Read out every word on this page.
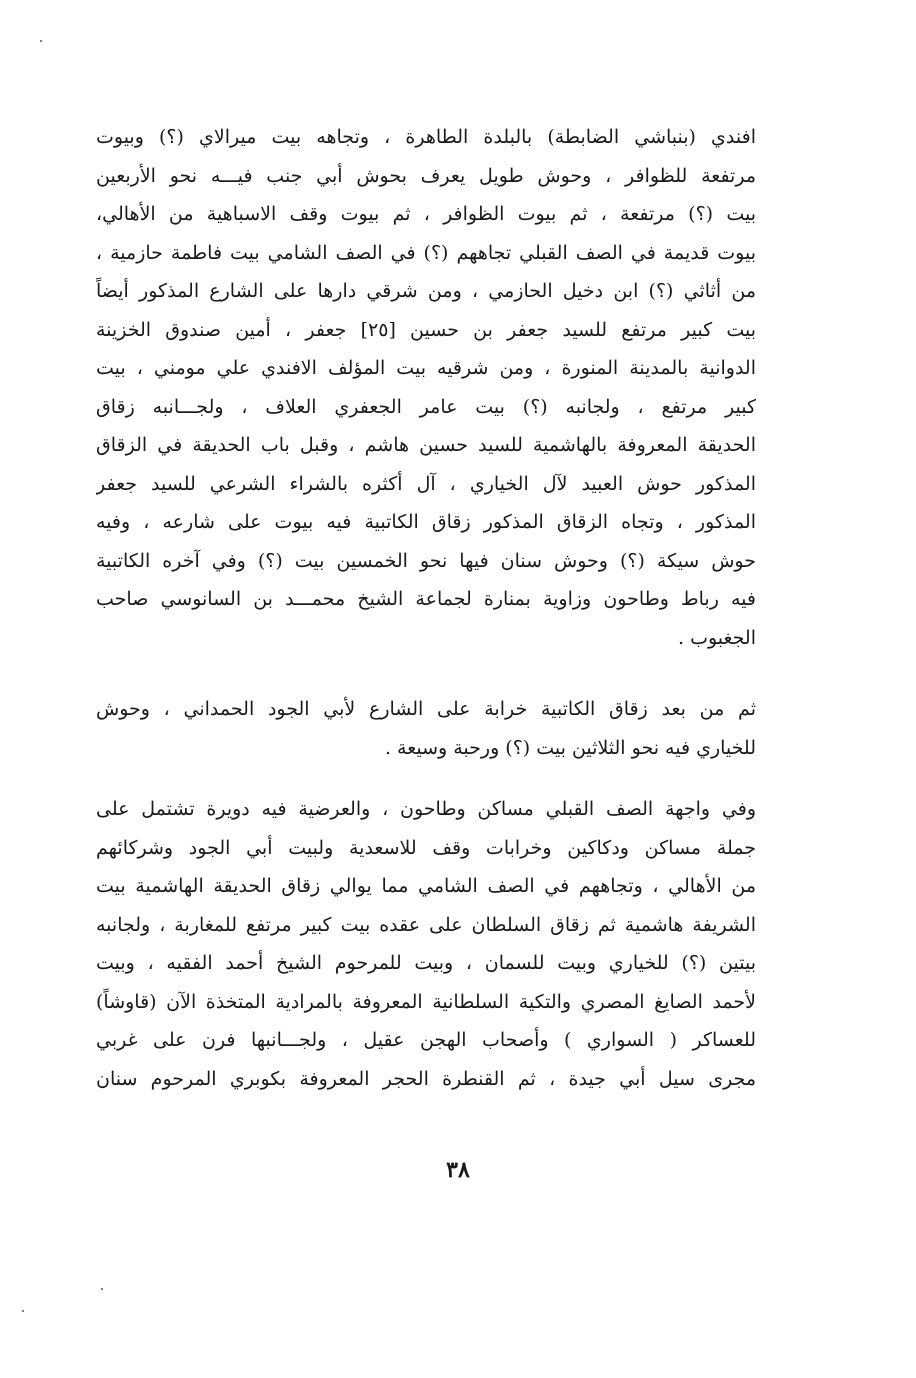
افندي (بنباشي الضابطة) بالبلدة الطاهرة ، وتجاهه بيت ميرالاي (؟) وبيوت
مرتفعة للظوافر ، وحوش طويل يعرف بحوش أبي جنب فيـــه نحو الأربعين
بيت (؟) مرتفعة ، ثم بيوت الظوافر ، ثم بيوت وقف الاسباهية من الأهالي،
بيوت قديمة في الصف القبلي تجاههم (؟) في الصف الشامي بيت فاطمة حازمية ،
من أثاثي (؟) ابن دخيل الحازمي ، ومن شرقي دارها على الشارع المذكور أيضاً
بيت كبير مرتفع للسيد جعفر بن حسين [٢٥] جعفر ، أمين صندوق الخزينة
الدوانية بالمدينة المنورة ، ومن شرقيه بيت المؤلف الافندي علي مومني ، بيت
كبير مرتفع ، ولجانبه (؟) بيت عامر الجعفري العلاف ، ولجـــانبه زقاق
الحديقة المعروفة بالهاشمية للسيد حسين هاشم ، وقبل باب الحديقة في الزقاق
المذكور حوش العبيد لآل الخياري ، آل أكثره بالشراء الشرعي للسيد جعفر
المذكور ، وتجاه الزقاق المذكور زقاق الكاتبية فيه بيوت على شارعه ، وفيه
حوش سيكة (؟) وحوش سنان فيها نحو الخمسين بيت (؟) وفي آخره الكاتبية
فيه رباط وطاحون وزاوية بمنارة لجماعة الشيخ محمـــد بن السانوسي صاحب
الجغبوب .
ثم من بعد زقاق الكاتبية خرابة على الشارع لأبي الجود الحمداني ، وحوش
للخياري فيه نحو الثلاثين بيت (؟) ورحبة وسيعة .
وفي واجهة الصف القبلي مساكن وطاحون ، والعرضية فيه دويرة تشتمل على
جملة مساكن ودكاكين وخرابات وقف للاسعدية ولبيت أبي الجود وشركائهم
من الأهالي ، وتجاههم في الصف الشامي مما يوالي زقاق الحديقة الهاشمية بيت
الشريفة هاشمية ثم زقاق السلطان على عقده بيت كبير مرتفع للمغاربة ، ولجانبه
بيتين (؟) للخياري وبيت للسمان ، وبيت للمرحوم الشيخ أحمد الفقيه ، وبيت
لأحمد الصايغ المصري والتكية السلطانية المعروفة بالمرادية المتخذة الآن (قاوشاً)
للعساكر ( السواري ) وأصحاب الهجن عقيل ، ولجـــانبها فرن على غربي
مجرى سيل أبي جيدة ، ثم القنطرة الحجر المعروفة بكوبري المرحوم سنان
٣٨
